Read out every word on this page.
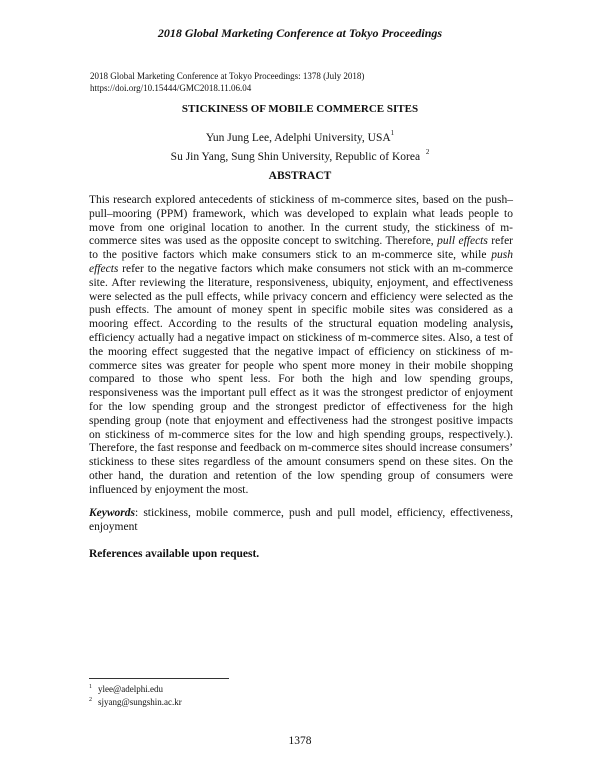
2018 Global Marketing Conference at Tokyo Proceedings
2018 Global Marketing Conference at Tokyo Proceedings: 1378 (July 2018)
https://doi.org/10.15444/GMC2018.11.06.04
STICKINESS OF MOBILE COMMERCE SITES
Yun Jung Lee, Adelphi University, USA$^1$
Su Jin Yang, Sung Shin University, Republic of Korea $^2$
ABSTRACT
This research explored antecedents of stickiness of m-commerce sites, based on the push–pull–mooring (PPM) framework, which was developed to explain what leads people to move from one original location to another. In the current study, the stickiness of m-commerce sites was used as the opposite concept to switching. Therefore, pull effects refer to the positive factors which make consumers stick to an m-commerce site, while push effects refer to the negative factors which make consumers not stick with an m-commerce site. After reviewing the literature, responsiveness, ubiquity, enjoyment, and effectiveness were selected as the pull effects, while privacy concern and efficiency were selected as the push effects. The amount of money spent in specific mobile sites was considered as a mooring effect. According to the results of the structural equation modeling analysis, efficiency actually had a negative impact on stickiness of m-commerce sites. Also, a test of the mooring effect suggested that the negative impact of efficiency on stickiness of m-commerce sites was greater for people who spent more money in their mobile shopping compared to those who spent less. For both the high and low spending groups, responsiveness was the important pull effect as it was the strongest predictor of enjoyment for the low spending group and the strongest predictor of effectiveness for the high spending group (note that enjoyment and effectiveness had the strongest positive impacts on stickiness of m-commerce sites for the low and high spending groups, respectively.). Therefore, the fast response and feedback on m-commerce sites should increase consumers’ stickiness to these sites regardless of the amount consumers spend on these sites. On the other hand, the duration and retention of the low spending group of consumers were influenced by enjoyment the most.
Keywords: stickiness, mobile commerce, push and pull model, efficiency, effectiveness, enjoyment
References available upon request.
$^1$ ylee@adelphi.edu
$^2$ sjyang@sungshin.ac.kr
1378
